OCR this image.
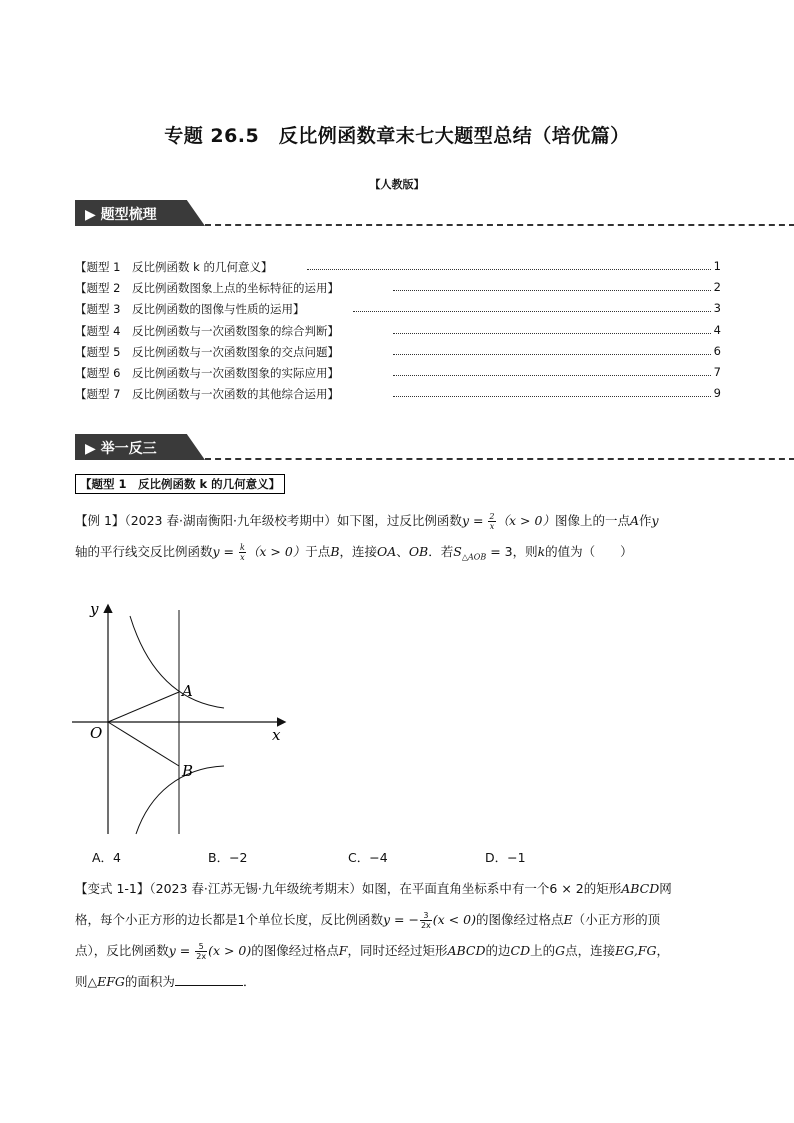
专题 26.5　反比例函数章末七大题型总结（培优篇）
【人教版】
▶ 题型梳理
【题型 1　反比例函数 k 的几何意义】	1
【题型 2　反比例函数图象上点的坐标特征的运用】	2
【题型 3　反比例函数的图像与性质的运用】	3
【题型 4　反比例函数与一次函数图象的综合判断】	4
【题型 5　反比例函数与一次函数图象的交点问题】	6
【题型 6　反比例函数与一次函数图象的实际应用】	7
【题型 7　反比例函数与一次函数的其他综合运用】	9
▶ 举一反三
【题型 1　反比例函数 k 的几何意义】
【例 1】（2023 春·湖南衡阳·九年级校考期中）如下图，过反比例函数$y = \frac{2}{x} (x > 0)$图像上的一点A作y
轴的平行线交反比例函数$y = \frac{k}{x} (x > 0)$于点B，连接OA、OB．若$S_{\triangle AOB} = 3$，则k的值为（　　）
y
x
O
A
B
A．4	B．−2	C．−4	D．−1
【变式 1-1】（2023 春·江苏无锡·九年级统考期末）如图，在平面直角坐标系中有一个6 × 2的矩形ABCD网
格，每个小正方形的边长都是1个单位长度，反比例函数y = − $\frac{3}{2x} (x < 0)$的图像经过格点E（小正方形的顶
点），反比例函数$y = \frac{5}{2x} (x > 0)$的图像经过格点F，同时还经过矩形ABCD的边CD上的G点，连接EG,FG，
则△EFG的面积为	．
